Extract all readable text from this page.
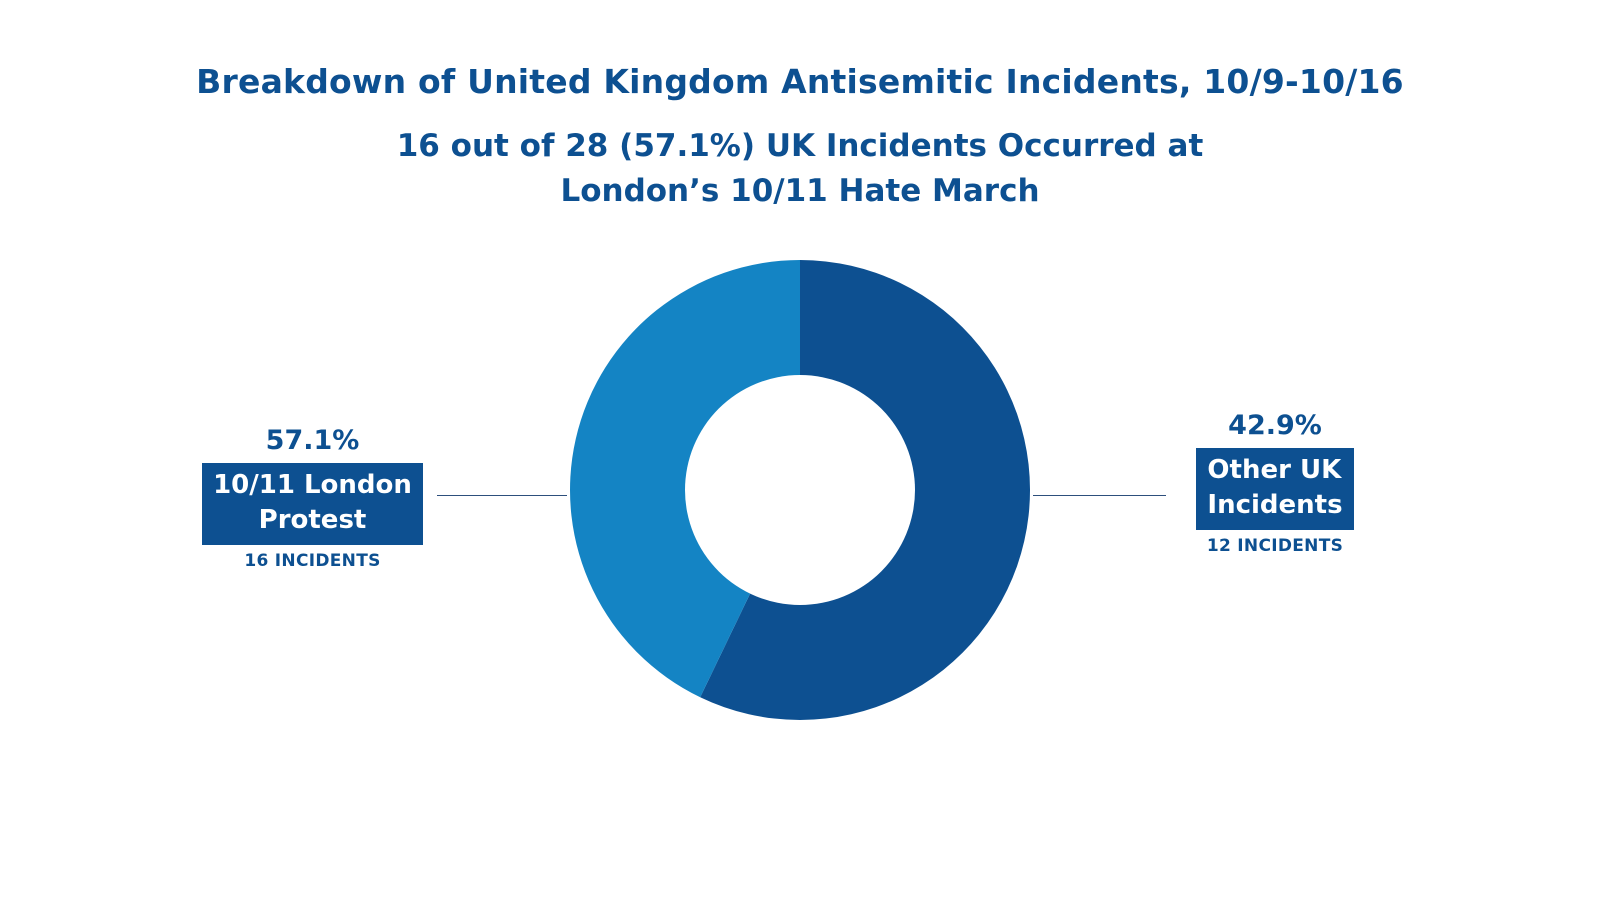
Breakdown of United Kingdom Antisemitic Incidents, 10/9-10/16
16 out of 28 (57.1%) UK Incidents Occurred at
London’s 10/11 Hate March
57.1%
10/11 London
Protest
16 INCIDENTS
42.9%
Other UK
Incidents
12 INCIDENTS
